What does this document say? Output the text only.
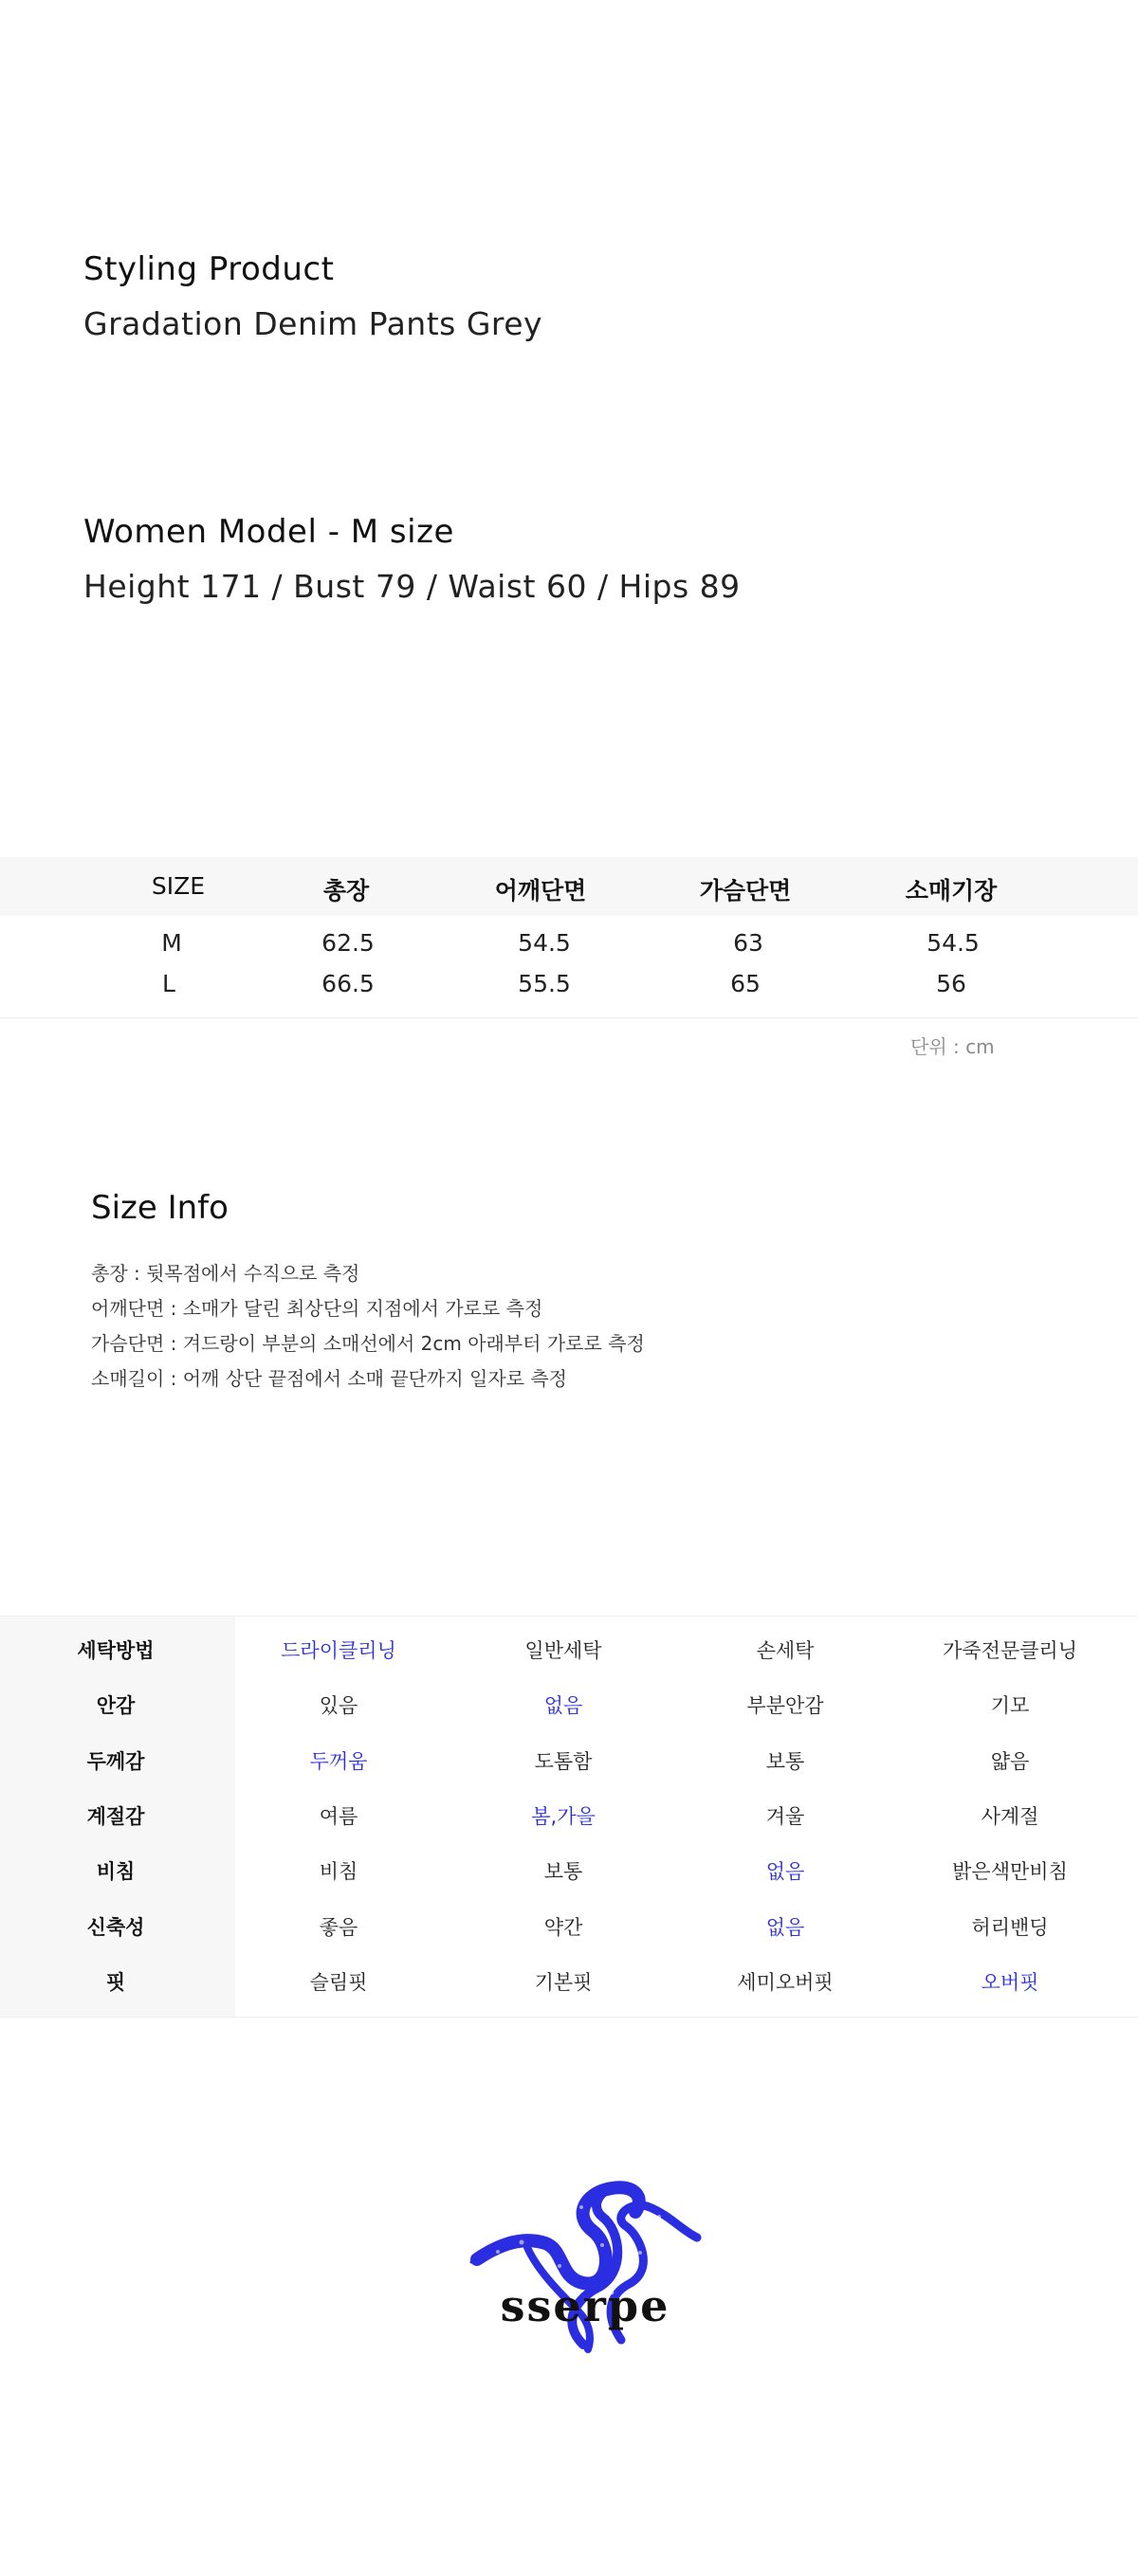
Styling Product
Gradation Denim Pants Grey
Women Model - M size
Height 171 / Bust 79 / Waist 60 / Hips 89
SIZE	총장	어깨단면	가슴단면	소매기장
M	62.5	54.5	63	54.5
L	66.5	55.5	65	56
단위 : cm
Size Info
총장 : 뒷목점에서 수직으로 측정
어깨단면 : 소매가 달린 최상단의 지점에서 가로로 측정
가슴단면 : 겨드랑이 부분의 소매선에서 2cm 아래부터 가로로 측정
소매길이 : 어깨 상단 끝점에서 소매 끝단까지 일자로 측정
세탁방법	드라이클리닝	일반세탁	손세탁	가죽전문클리닝
안감	있음	없음	부분안감	기모
두께감	두꺼움	도톰함	보통	얇음
계절감	여름	봄,가을	겨울	사계절
비침	비침	보통	없음	밝은색만비침
신축성	좋음	약간	없음	허리밴딩
핏	슬림핏	기본핏	세미오버핏	오버핏
sserpe
